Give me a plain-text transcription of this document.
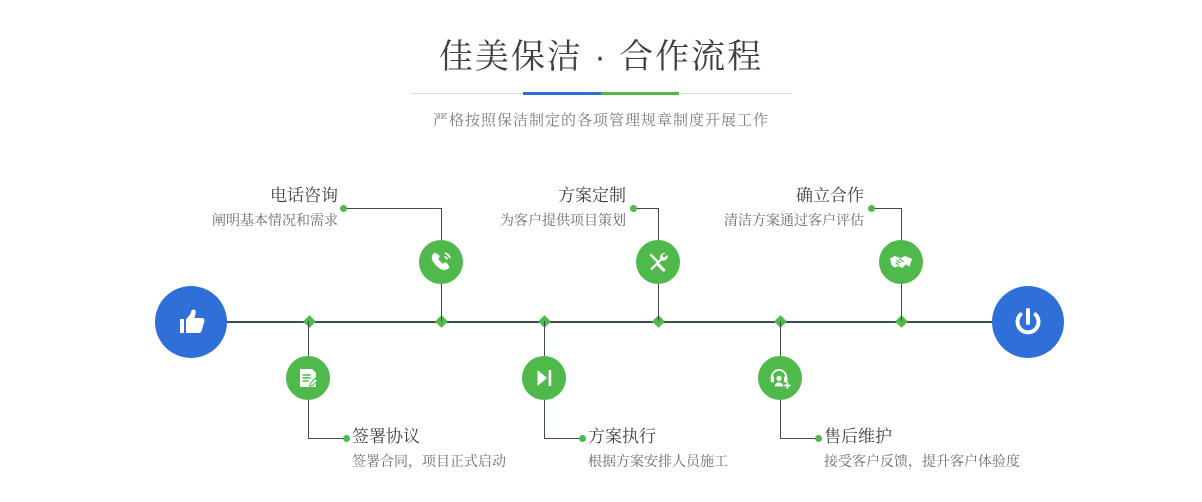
佳美保洁 · 合作流程

严格按照保洁制定的各项管理规章制度开展工作

电话咨询
阐明基本情况和需求
签署协议
签署合同，项目正式启动
方案定制
为客户提供项目策划
方案执行
根据方案安排人员施工
确立合作
清洁方案通过客户评估
售后维护
接受客户反馈，提升客户体验度
